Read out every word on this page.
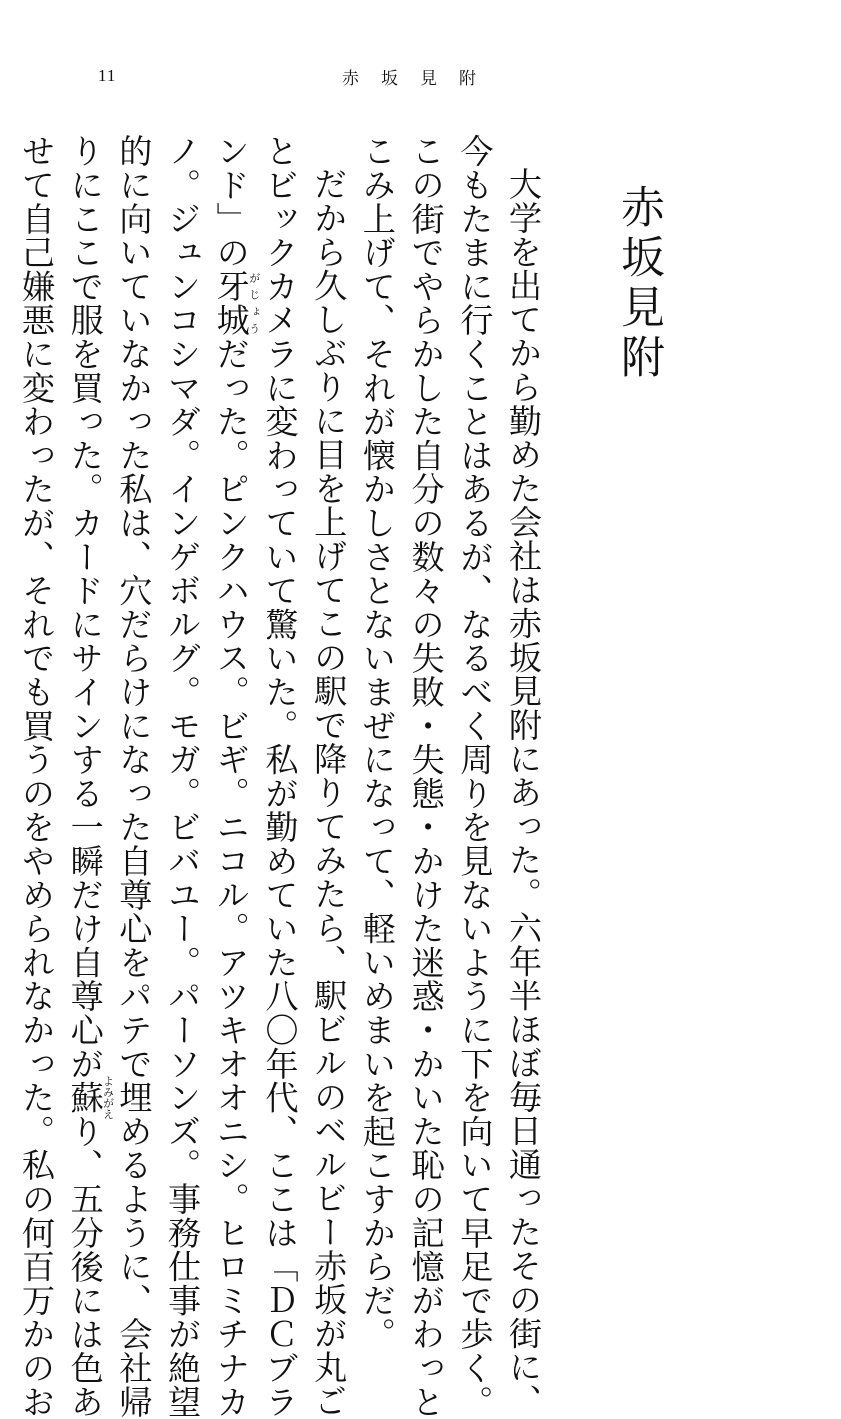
11	赤坂見附
赤坂見附
大学を出てから勤めた会社は赤坂見附にあった。六年半ほぼ毎日通ったその街に、
今もたまに行くことはあるが、なるべく周りを見ないように下を向いて早足で歩く。
この街でやらかした自分の数々の失敗・失態・かけた迷惑・かいた恥の記憶がわっと
こみ上げて、それが懐かしさとないまぜになって、軽いめまいを起こすからだ。
だから久しぶりに目を上げてこの駅で降りてみたら、駅ビルのベルビー赤坂が丸ご
とビックカメラに変わっていて驚いた。私が勤めていた八〇年代、ここは「ＤＣブラ
ンド」の牙城がじょうだった。ピンクハウス。ビギ。ニコル。アツキオオニシ。ヒロミチナカ
ノ。ジュンコシマダ。インゲボルグ。モガ。ビバユー。パーソンズ。事務仕事が絶望
的に向いていなかった私は、穴だらけになった自尊心をパテで埋めるように、会社帰
りにここで服を買った。カードにサインする一瞬だけ自尊心が蘇よみがえり、五分後には色あ
せて自己嫌悪に変わったが、それでも買うのをやめられなかった。私の何百万かのお
